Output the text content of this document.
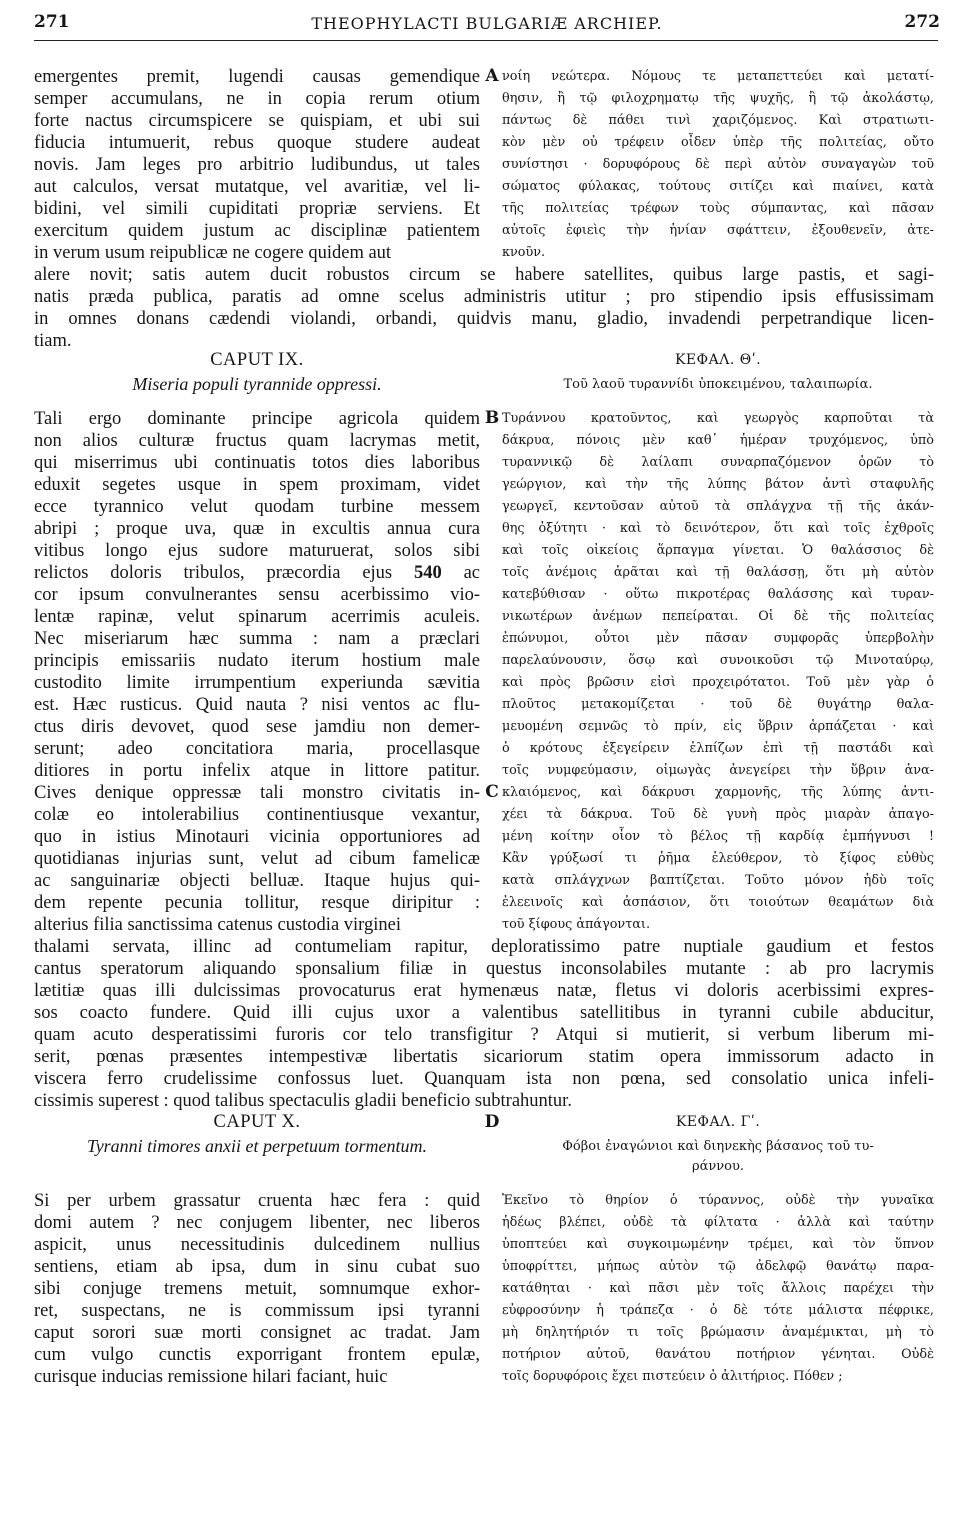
271	THEOPHYLACTI BULGARIÆ ARCHIEP.	272
emergentes premit, lugendi causas gemendique
semper accumulans, ne in copia rerum otium
forte nactus circumspicere se quispiam, et ubi sui
fiducia intumuerit, rebus quoque studere audeat
novis. Jam leges pro arbitrio ludibundus, ut tales
aut calculos, versat mutatque, vel avaritiæ, vel li-
bidini, vel simili cupiditati propriæ serviens. Et
exercitum quidem justum ac disciplinæ patientem
in verum usum reipublicæ ne cogere quidem aut
A νοίη νεώτερα. Νόμους τε μεταπεττεύει καὶ μετατί-
θησιν, ἢ τῷ φιλοχρηματῳ τῆς ψυχῆς, ἢ τῷ ἀκολάστῳ,
πάντως δὲ πάθει τινὶ χαριζόμενος. Καὶ στρατιωτι-
κὸν μὲν οὐ τρέφειν οἶδεν ὑπὲρ τῆς πολιτείας, οὔτο
συνίστησι · δορυφόρους δὲ περὶ αὐτὸν συναγαγὼν τοῦ
σώματος φύλακας, τούτους σιτίζει καὶ πιαίνει, κατὰ
τῆς πολιτείας τρέφων τοὺς σύμπαντας, καὶ πᾶσαν
αὐτοῖς ἐφιεὶς τὴν ἡνίαν σφάττειν, ἐξουθενεῖν, ἀτε-
κνοῦν.
alere novit; satis autem ducit robustos circum se habere satellites, quibus large pastis, et sagi-
natis præda publica, paratis ad omne scelus administris utitur ; pro stipendio ipsis effusissimam
in omnes donans cædendi violandi, orbandi, quidvis manu, gladio, invadendi perpetrandique licen-
tiam.
CAPUT IX.
Miseria populi tyrannide oppressi.
ΚΕΦΑΛ. Θʹ.
Τοῦ λαοῦ τυραννίδι ὑποκειμένου, ταλαιπωρία.
Tali ergo dominante principe agricola quidem
non alios culturæ fructus quam lacrymas metit,
qui miserrimus ubi continuatis totos dies laboribus
eduxit segetes usque in spem proximam, videt
ecce tyrannico velut quodam turbine messem
abripi ; proque uva, quæ in excultis annua cura
vitibus longo ejus sudore maturuerat, solos sibi
relictos doloris tribulos, præcordia ejus 540 ac
cor ipsum convulnerantes sensu acerbissimo vio-
lentæ rapinæ, velut spinarum acerrimis aculeis.
Nec miseriarum hæc summa : nam a præclari
principis emissariis nudato iterum hostium male
custodito limite irrumpentium experiunda sævitia
est. Hæc rusticus. Quid nauta ? nisi ventos ac flu-
ctus diris devovet, quod sese jamdiu non demer-
serunt; adeo concitatiora maria, procellasque
ditiores in portu infelix atque in littore patitur.
Cives denique oppressæ tali monstro civitatis in-
colæ eo intolerabilius continentiusque vexantur,
quo in istius Minotauri vicinia opportuniores ad
quotidianas injurias sunt, velut ad cibum famelicæ
ac sanguinariæ objecti belluæ. Itaque hujus qui-
dem repente pecunia tollitur, resque diripitur :
alterius filia sanctissima catenus custodia virginei
B
C
Τυράννου κρατοῦντος, καὶ γεωργὸς καρποῦται τὰ
δάκρυα, πόνοις μὲν καθ᾽ ἡμέραν τρυχόμενος, ὑπὸ
τυραννικῷ δὲ λαίλαπι συναρπαζόμενον ὁρῶν τὸ
γεώργιον, καὶ τὴν τῆς λύπης βάτον ἀντὶ σταφυλῆς
γεωργεῖ, κεντοῦσαν αὐτοῦ τὰ σπλάγχνα τῇ τῆς ἀκάν-
θης ὀξύτητι · καὶ τὸ δεινότερον, ὅτι καὶ τοῖς ἐχθροῖς
καὶ τοῖς οἰκείοις ἅρπαγμα γίνεται. Ὁ θαλάσσιος δὲ
τοῖς ἀνέμοις ἀρᾶται καὶ τῇ θαλάσσῃ, ὅτι μὴ αὐτὸν
κατεβύθισαν · οὕτω πικροτέρας θαλάσσης καὶ τυραν-
νικωτέρων ἀνέμων πεπείραται. Οἱ δὲ τῆς πολιτείας
ἐπώνυμοι, οὗτοι μὲν πᾶσαν συμφορᾶς ὑπερβολὴν
παρελαύνουσιν, ὅσῳ καὶ συνοικοῦσι τῷ Μινοταύρῳ,
καὶ πρὸς βρῶσιν εἰσὶ προχειρότατοι. Τοῦ μὲν γὰρ ὁ
πλοῦτος μετακομίζεται · τοῦ δὲ θυγάτηρ θαλα-
μευομένη σεμνῶς τὸ πρίν, εἰς ὕβριν ἁρπάζεται · καὶ
ὁ κρότους ἐξεγείρειν ἐλπίζων ἐπὶ τῇ παστάδι καὶ
τοῖς νυμφεύμασιν, οἰμωγὰς ἀνεγείρει τὴν ὕβριν ἀνα-
κλαιόμενος, καὶ δάκρυσι χαρμονῆς, τῆς λύπης ἀντι-
χέει τὰ δάκρυα. Τοῦ δὲ γυνὴ πρὸς μιαρὰν ἀπαγο-
μένη κοίτην οἷον τὸ βέλος τῇ καρδίᾳ ἐμπήγνυσι !
Κἂν γρύξωσί τι ῥῆμα ἐλεύθερον, τὸ ξίφος εὐθὺς
κατὰ σπλάγχνων βαπτίζεται. Τοῦτο μόνον ἡδὺ τοῖς
ἐλεεινοῖς καὶ ἀσπάσιον, ὅτι τοιούτων θεαμάτων διὰ
τοῦ ξίφους ἀπάγονται.
thalami servata, illinc ad contumeliam rapitur, deploratissimo patre nuptiale gaudium et festos
cantus speratorum aliquando sponsalium filiæ in questus inconsolabiles mutante : ab pro lacrymis
lætitiæ quas illi dulcissimas provocaturus erat hymenæus natæ, fletus vi doloris acerbissimi expres-
sos coacto fundere. Quid illi cujus uxor a valentibus satellitibus in tyranni cubile abducitur,
quam acuto desperatissimi furoris cor telo transfigitur ? Atqui si mutierit, si verbum liberum mi-
serit, pœnas præsentes intempestivæ libertatis sicariorum statim opera immissorum adacto in
viscera ferro crudelissime confossus luet. Quanquam ista non pœna, sed consolatio unica infeli-
cissimis superest : quod talibus spectaculis gladii beneficio subtrahuntur.
CAPUT X.	D
Tyranni timores anxii et perpetuum tormentum.
ΚΕΦΑΛ. Γʹ.
Φόβοι ἐναγώνιοι καὶ διηνεκὴς βάσανος τοῦ τυ-
ράννου.
Si per urbem grassatur cruenta hæc fera : quid
domi autem ? nec conjugem libenter, nec liberos
aspicit, unus necessitudinis dulcedinem nullius
sentiens, etiam ab ipsa, dum in sinu cubat suo
sibi conjuge tremens metuit, somnumque exhor-
ret, suspectans, ne is commissum ipsi tyranni
caput sorori suæ morti consignet ac tradat. Jam
cum vulgo cunctis exporrigant frontem epulæ,
curisque inducias remissione hilari faciant, huic
Ἐκεῖνο τὸ θηρίον ὁ τύραννος, οὐδὲ τὴν γυναῖκα
ἡδέως βλέπει, οὐδὲ τὰ φίλτατα · ἀλλὰ καὶ ταύτην
ὑποπτεύει καὶ συγκοιμωμένην τρέμει, καὶ τὸν ὕπνον
ὑποφρίττει, μήπως αὐτὸν τῷ ἀδελφῷ θανάτῳ παρα-
κατάθηται · καὶ πᾶσι μὲν τοῖς ἄλλοις παρέχει τὴν
εὐφροσύνην ἡ τράπεζα · ὁ δὲ τότε μάλιστα πέφρικε,
μὴ δηλητήριόν τι τοῖς βρώμασιν ἀναμέμικται, μὴ τὸ
ποτήριον αὐτοῦ, θανάτου ποτήριον γένηται. Οὐδὲ
τοῖς δορυφόροις ἔχει πιστεύειν ὁ ἀλιτήριος. Πόθεν ;
